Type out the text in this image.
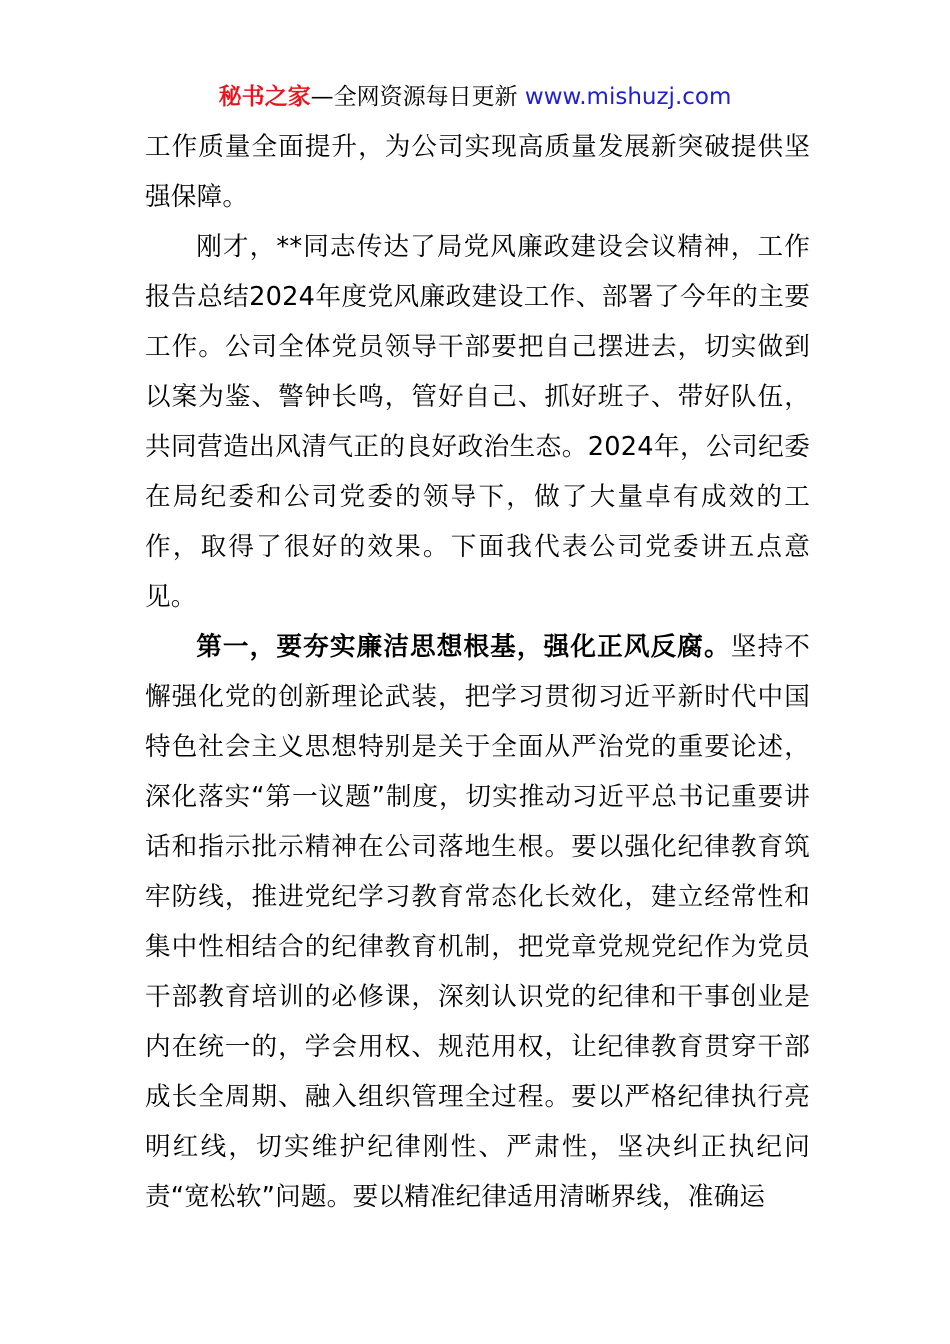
秘书之家—全网资源每日更新 www.mishuzj.com

工作质量全面提升，为公司实现高质量发展新突破提供坚强保障。

刚才，**同志传达了局党风廉政建设会议精神，工作报告总结2024年度党风廉政建设工作、部署了今年的主要工作。公司全体党员领导干部要把自己摆进去，切实做到以案为鉴、警钟长鸣，管好自己、抓好班子、带好队伍，共同营造出风清气正的良好政治生态。2024年，公司纪委在局纪委和公司党委的领导下，做了大量卓有成效的工作，取得了很好的效果。下面我代表公司党委讲五点意见。

第一，要夯实廉洁思想根基，强化正风反腐。坚持不懈强化党的创新理论武装，把学习贯彻习近平新时代中国特色社会主义思想特别是关于全面从严治党的重要论述，深化落实“第一议题”制度，切实推动习近平总书记重要讲话和指示批示精神在公司落地生根。要以强化纪律教育筑牢防线，推进党纪学习教育常态化长效化，建立经常性和集中性相结合的纪律教育机制，把党章党规党纪作为党员干部教育培训的必修课，深刻认识党的纪律和干事创业是内在统一的，学会用权、规范用权，让纪律教育贯穿干部成长全周期、融入组织管理全过程。要以严格纪律执行亮明红线，切实维护纪律刚性、严肃性，坚决纠正执纪问责“宽松软”问题。要以精准纪律适用清晰界线，准确运
